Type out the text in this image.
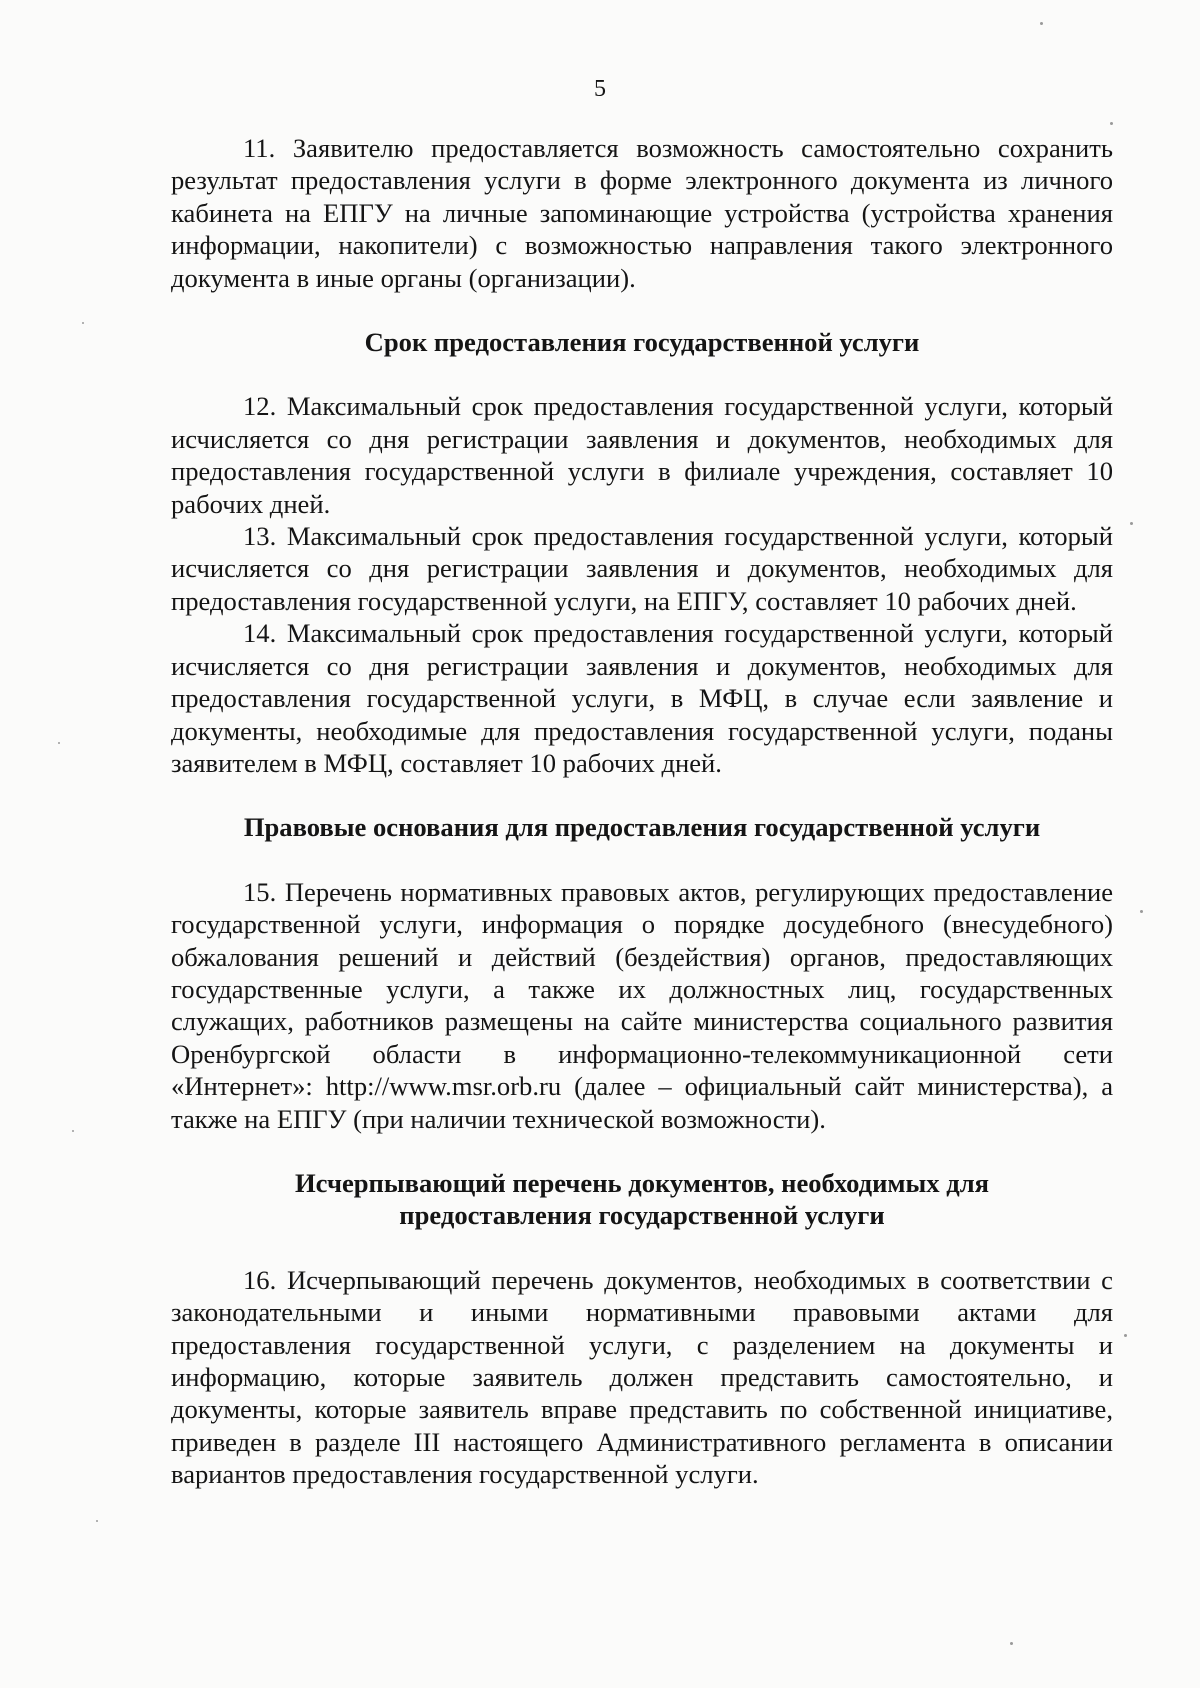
5

11. Заявителю предоставляется возможность самостоятельно сохранить результат предоставления услуги в форме электронного документа из личного кабинета на ЕПГУ на личные запоминающие устройства (устройства хранения информации, накопители) с возможностью направления такого электронного документа в иные органы (организации).

Срок предоставления государственной услуги

12. Максимальный срок предоставления государственной услуги, который исчисляется со дня регистрации заявления и документов, необходимых для предоставления государственной услуги в филиале учреждения, составляет 10 рабочих дней.

13. Максимальный срок предоставления государственной услуги, который исчисляется со дня регистрации заявления и документов, необходимых для предоставления государственной услуги, на ЕПГУ, составляет 10 рабочих дней.

14. Максимальный срок предоставления государственной услуги, который исчисляется со дня регистрации заявления и документов, необходимых для предоставления государственной услуги, в МФЦ, в случае если заявление и документы, необходимые для предоставления государственной услуги, поданы заявителем в МФЦ, составляет 10 рабочих дней.

Правовые основания для предоставления государственной услуги

15. Перечень нормативных правовых актов, регулирующих предоставление государственной услуги, информация о порядке досудебного (внесудебного) обжалования решений и действий (бездействия) органов, предоставляющих государственные услуги, а также их должностных лиц, государственных служащих, работников размещены на сайте министерства социального развития Оренбургской области в информационно-телекоммуникационной сети «Интернет»: http://www.msr.orb.ru (далее – официальный сайт министерства), а также на ЕПГУ (при наличии технической возможности).

Исчерпывающий перечень документов, необходимых для
предоставления государственной услуги

16. Исчерпывающий перечень документов, необходимых в соответствии с законодательными и иными нормативными правовыми актами для предоставления государственной услуги, с разделением на документы и информацию, которые заявитель должен представить самостоятельно, и документы, которые заявитель вправе представить по собственной инициативе, приведен в разделе III настоящего Административного регламента в описании вариантов предоставления государственной услуги.
